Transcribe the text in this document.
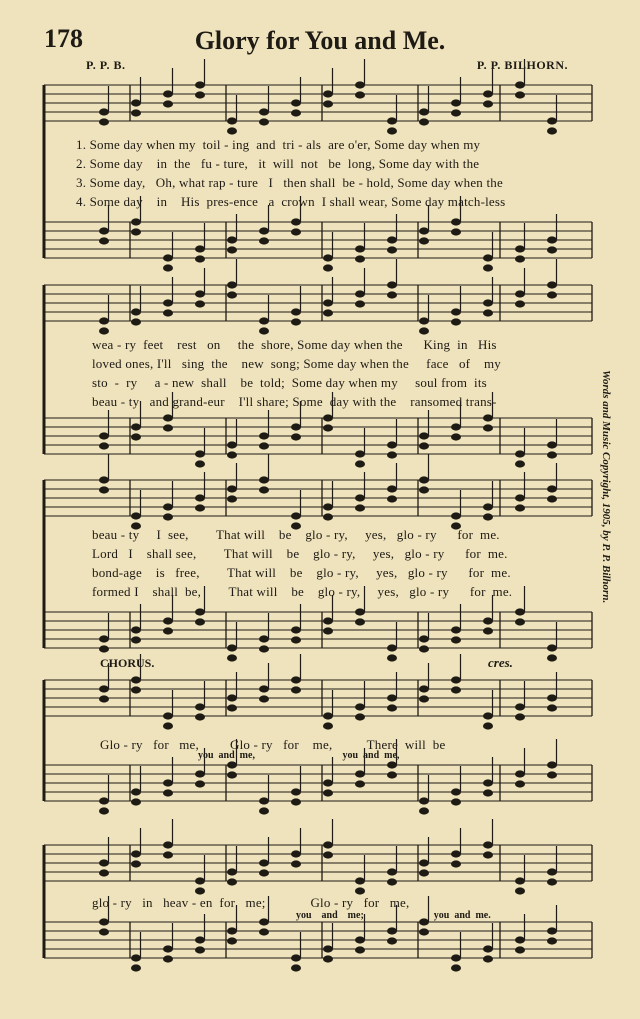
178	Glory for You and Me.
P. P. B.	P. P. BILHORN.
1. Some day when my  toil - ing  and  tri - als  are o'er, Some day when my
2. Some day    in  the   fu - ture,   it  will  not   be  long, Some day with the
3. Some day,   Oh, what rap - ture   I   then shall  be - hold, Some day when the
4. Some day    in    His  pres-ence   a  crown  I shall wear, Some day match-less
wea - ry  feet    rest   on     the  shore, Some day when the      King  in   His
loved ones, I'll   sing  the    new  song; Some day when the     face   of    my
sto  -  ry     a - new  shall    be  told;  Some day when my     soul from  its
beau - ty   and grand-eur    I'll share; Some  day with the    ransomed trans-
beau - ty     I  see,        That will    be    glo - ry,     yes,   glo - ry      for  me.
Lord   I    shall see,        That will    be    glo - ry,     yes,   glo - ry      for  me.
bond-age    is   free,        That will    be    glo - ry,     yes,   glo - ry      for  me.
formed I    shall  be,        That will    be    glo - ry,     yes,   glo - ry      for  me.
CHORUS.	cres.
Glo - ry   for   me,         Glo - ry   for    me,          There  will  be
you  and  me,                                   you  and  me,
glo - ry   in   heav - en  for   me;             Glo - ry   for   me,
you    and    me;                            you  and  me.
Words and Music Copyright, 1905, by P. P. Bilhorn.
